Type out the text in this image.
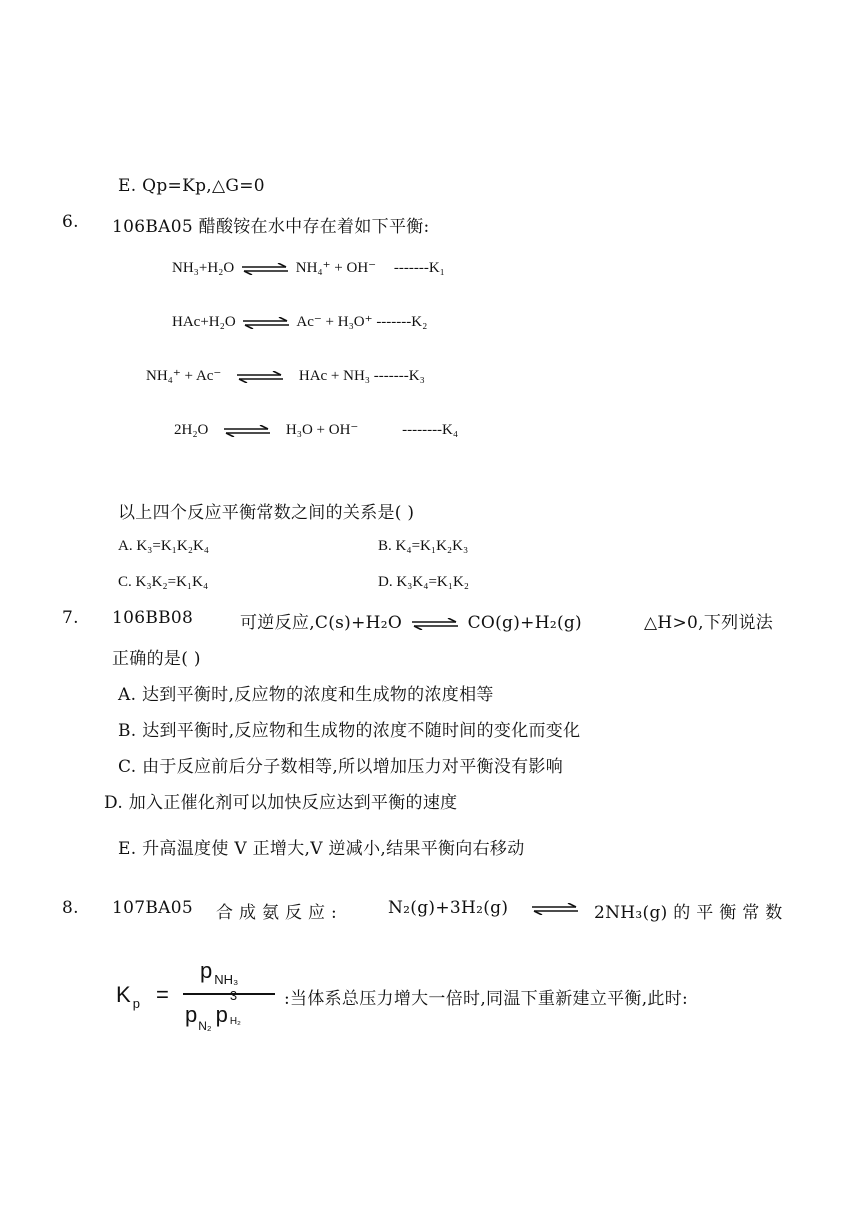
E. Qp=Kp,△G=0
6. 106BA05 醋酸铵在水中存在着如下平衡:
NH₃+H₂O ⇌ NH₄⁺ + OH⁻ -------K₁
HAc+H₂O ⇌ Ac⁻ + H₃O⁺ -------K₂
NH₄⁺ + Ac⁻ ⇌ HAc + NH₃ -------K₃
2H₂O ⇌ H₃O + OH⁻	--------K₄
以上四个反应平衡常数之间的关系是( )
A. K₃=K₁K₂K₄	B. K₄=K₁K₂K₃
C. K₃K₂=K₁K₄	D. K₃K₄=K₁K₂
7. 106BB08	可逆反应,C(s)+H₂O ⇌ CO(g)+H₂(g)	△H>0,下列说法
正确的是( )
A. 达到平衡时,反应物的浓度和生成物的浓度相等
B. 达到平衡时,反应物和生成物的浓度不随时间的变化而变化
C. 由于反应前后分子数相等,所以增加压力对平衡没有影响
D. 加入正催化剂可以加快反应达到平衡的速度
E. 升高温度使 V 正增大,V 逆减小,结果平衡向右移动
8. 107BA05 合 成 氨 反 应 :	N₂(g)+3H₂(g) ⇌ 2NH₃(g) 的 平 衡 常 数
K $_p$ =
p $_{NH_3}$
$p_{N_2}$ p
3
H₂
:当体系总压力增大一倍时,同温下重新建立平衡,此时:
